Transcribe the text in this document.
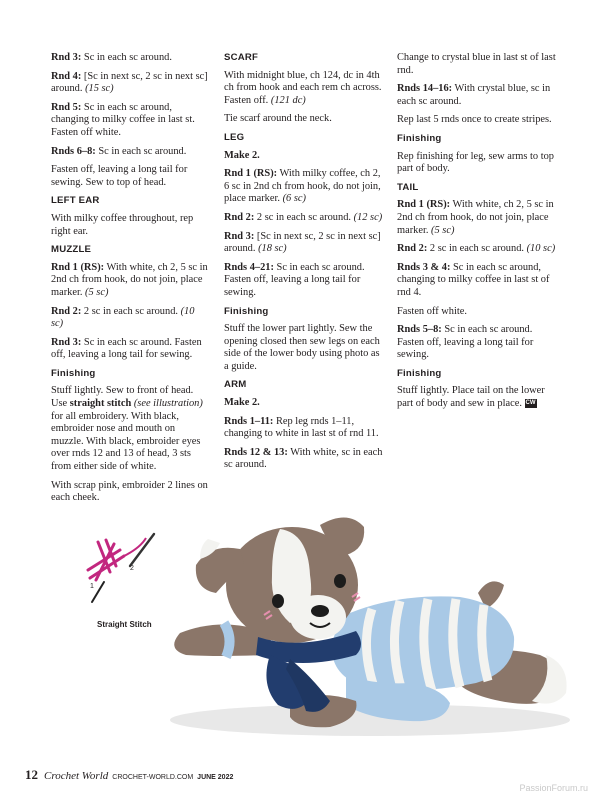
Rnd 3: Sc in each sc around.

Rnd 4: [Sc in next sc, 2 sc in next sc] around. (15 sc)

Rnd 5: Sc in each sc around, changing to milky coffee in last st. Fasten off white.

Rnds 6–8: Sc in each sc around.

Fasten off, leaving a long tail for sewing. Sew to top of head.

LEFT EAR

With milky coffee throughout, rep right ear.

MUZZLE

Rnd 1 (RS): With white, ch 2, 5 sc in 2nd ch from hook, do not join, place marker. (5 sc)

Rnd 2: 2 sc in each sc around. (10 sc)

Rnd 3: Sc in each sc around. Fasten off, leaving a long tail for sewing.

Finishing

Stuff lightly. Sew to front of head. Use straight stitch (see illustration) for all embroidery. With black, embroider nose and mouth on muzzle. With black, embroider eyes over rnds 12 and 13 of head, 3 sts from either side of white.

With scrap pink, embroider 2 lines on each cheek.

SCARF

With midnight blue, ch 124, dc in 4th ch from hook and each rem ch across. Fasten off. (121 dc)

Tie scarf around the neck.

LEG

Make 2.

Rnd 1 (RS): With milky coffee, ch 2, 6 sc in 2nd ch from hook, do not join, place marker. (6 sc)

Rnd 2: 2 sc in each sc around. (12 sc)

Rnd 3: [Sc in next sc, 2 sc in next sc] around. (18 sc)

Rnds 4–21: Sc in each sc around. Fasten off, leaving a long tail for sewing.

Finishing

Stuff the lower part lightly. Sew the opening closed then sew legs on each side of the lower body using photo as a guide.

ARM

Make 2.

Rnds 1–11: Rep leg rnds 1–11, changing to white in last st of rnd 11.

Rnds 12 & 13: With white, sc in each sc around.

Change to crystal blue in last st of last rnd.

Rnds 14–16: With crystal blue, sc in each sc around.

Rep last 5 rnds once to create stripes.

Finishing

Rep finishing for leg, sew arms to top part of body.

TAIL

Rnd 1 (RS): With white, ch 2, 5 sc in 2nd ch from hook, do not join, place marker. (5 sc)

Rnd 2: 2 sc in each sc around. (10 sc)

Rnds 3 & 4: Sc in each sc around, changing to milky coffee in last st of rnd 4.

Fasten off white.

Rnds 5–8: Sc in each sc around. Fasten off, leaving a long tail for sewing.

Finishing

Stuff lightly. Place tail on the lower part of body and sew in place. CW

1
2
Straight Stitch
12 Crochet World CROCHET-WORLD.COM JUNE 2022
PassionForum.ru
